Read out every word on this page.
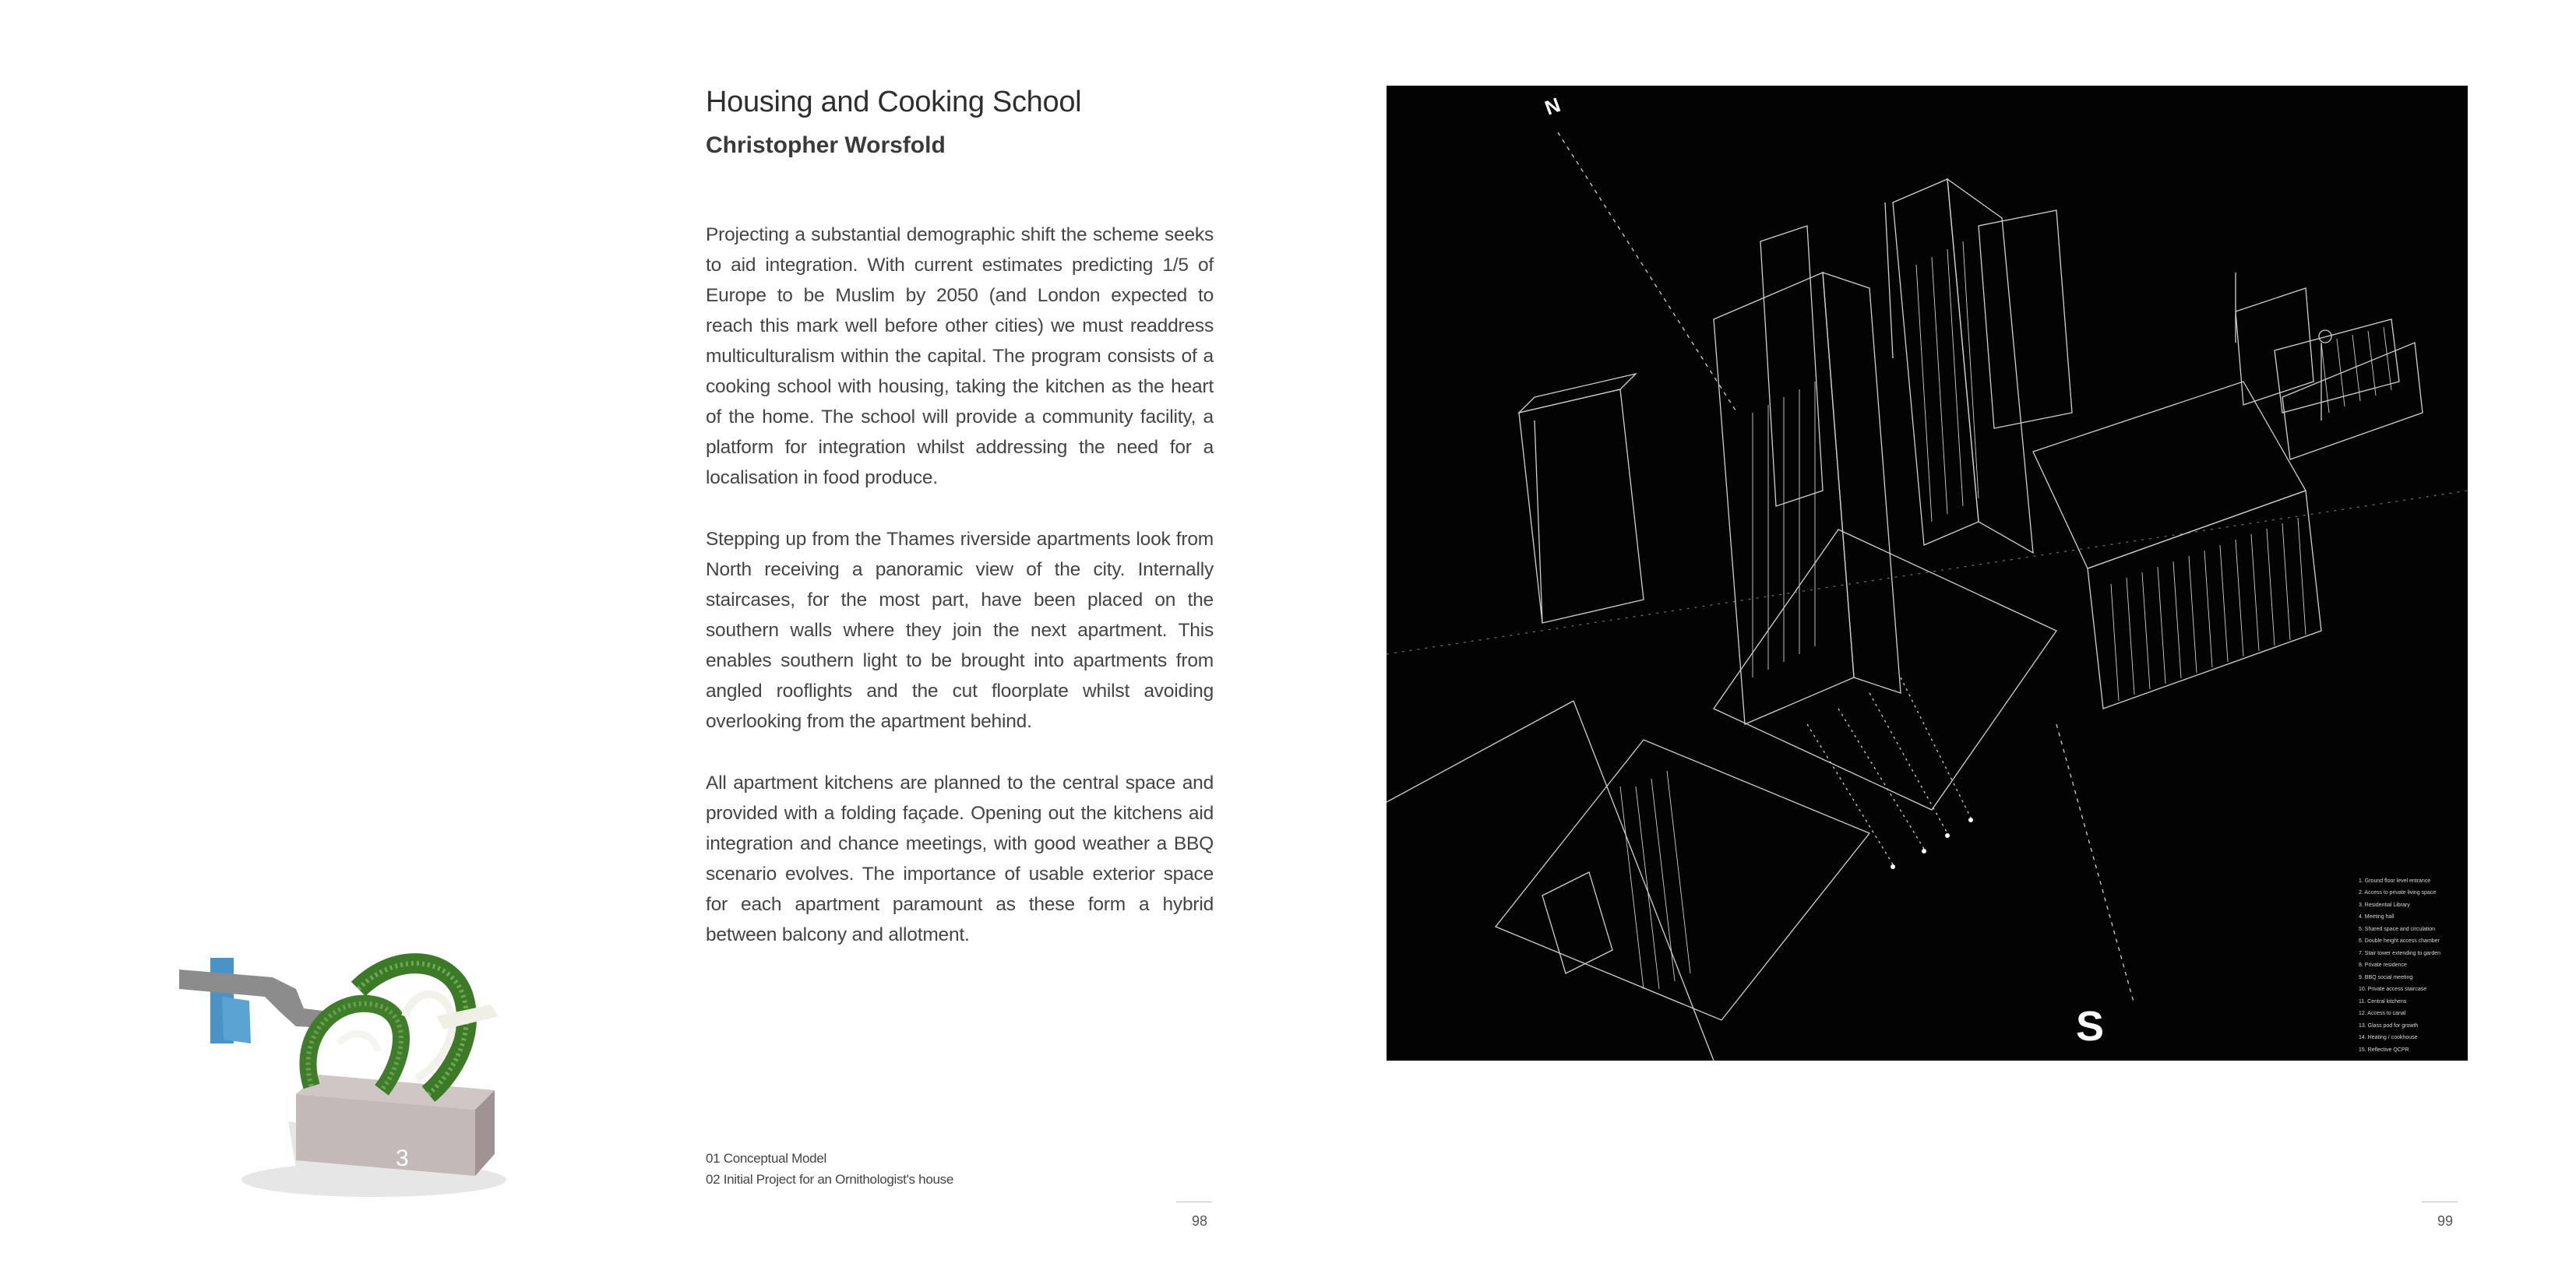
3
Housing and Cooking School
Christopher Worsfold

Projecting a substantial demographic shift the scheme seeks to aid integration. With current estimates predicting 1/5 of Europe to be Muslim by 2050 (and London expected to reach this mark well before other cities) we must readdress multiculturalism within the capital. The program consists of a cooking school with housing, taking the kitchen as the heart of the home. The school will provide a community facility, a platform for integration whilst addressing the need for a localisation in food produce.

Stepping up from the Thames riverside apartments look from North receiving a panoramic view of the city. Internally staircases, for the most part, have been placed on the southern walls where they join the next apartment. This enables southern light to be brought into apartments from angled rooflights and the cut floorplate whilst avoiding overlooking from the apartment behind.

All apartment kitchens are planned to the central space and provided with a folding façade. Opening out the kitchens aid integration and chance meetings, with good weather a BBQ scenario evolves. The importance of usable exterior space for each apartment paramount as these form a hybrid between balcony and allotment.

01 Conceptual Model
02 Initial Project for an Ornithologist's house
98	99
N
S
1. Ground floor level entrance
2. Access to private living space
3. Residential Library
4. Meeting hall
5. Shared space and circulation
6. Double height access chamber
7. Stair tower extending to garden
8. Private residence
9. BBQ social meeting
10. Private access staircase
11. Central kitchens
12. Access to canal
13. Glass pod for growth
14. Heating / cookhouse
15. Reflective QCPR
